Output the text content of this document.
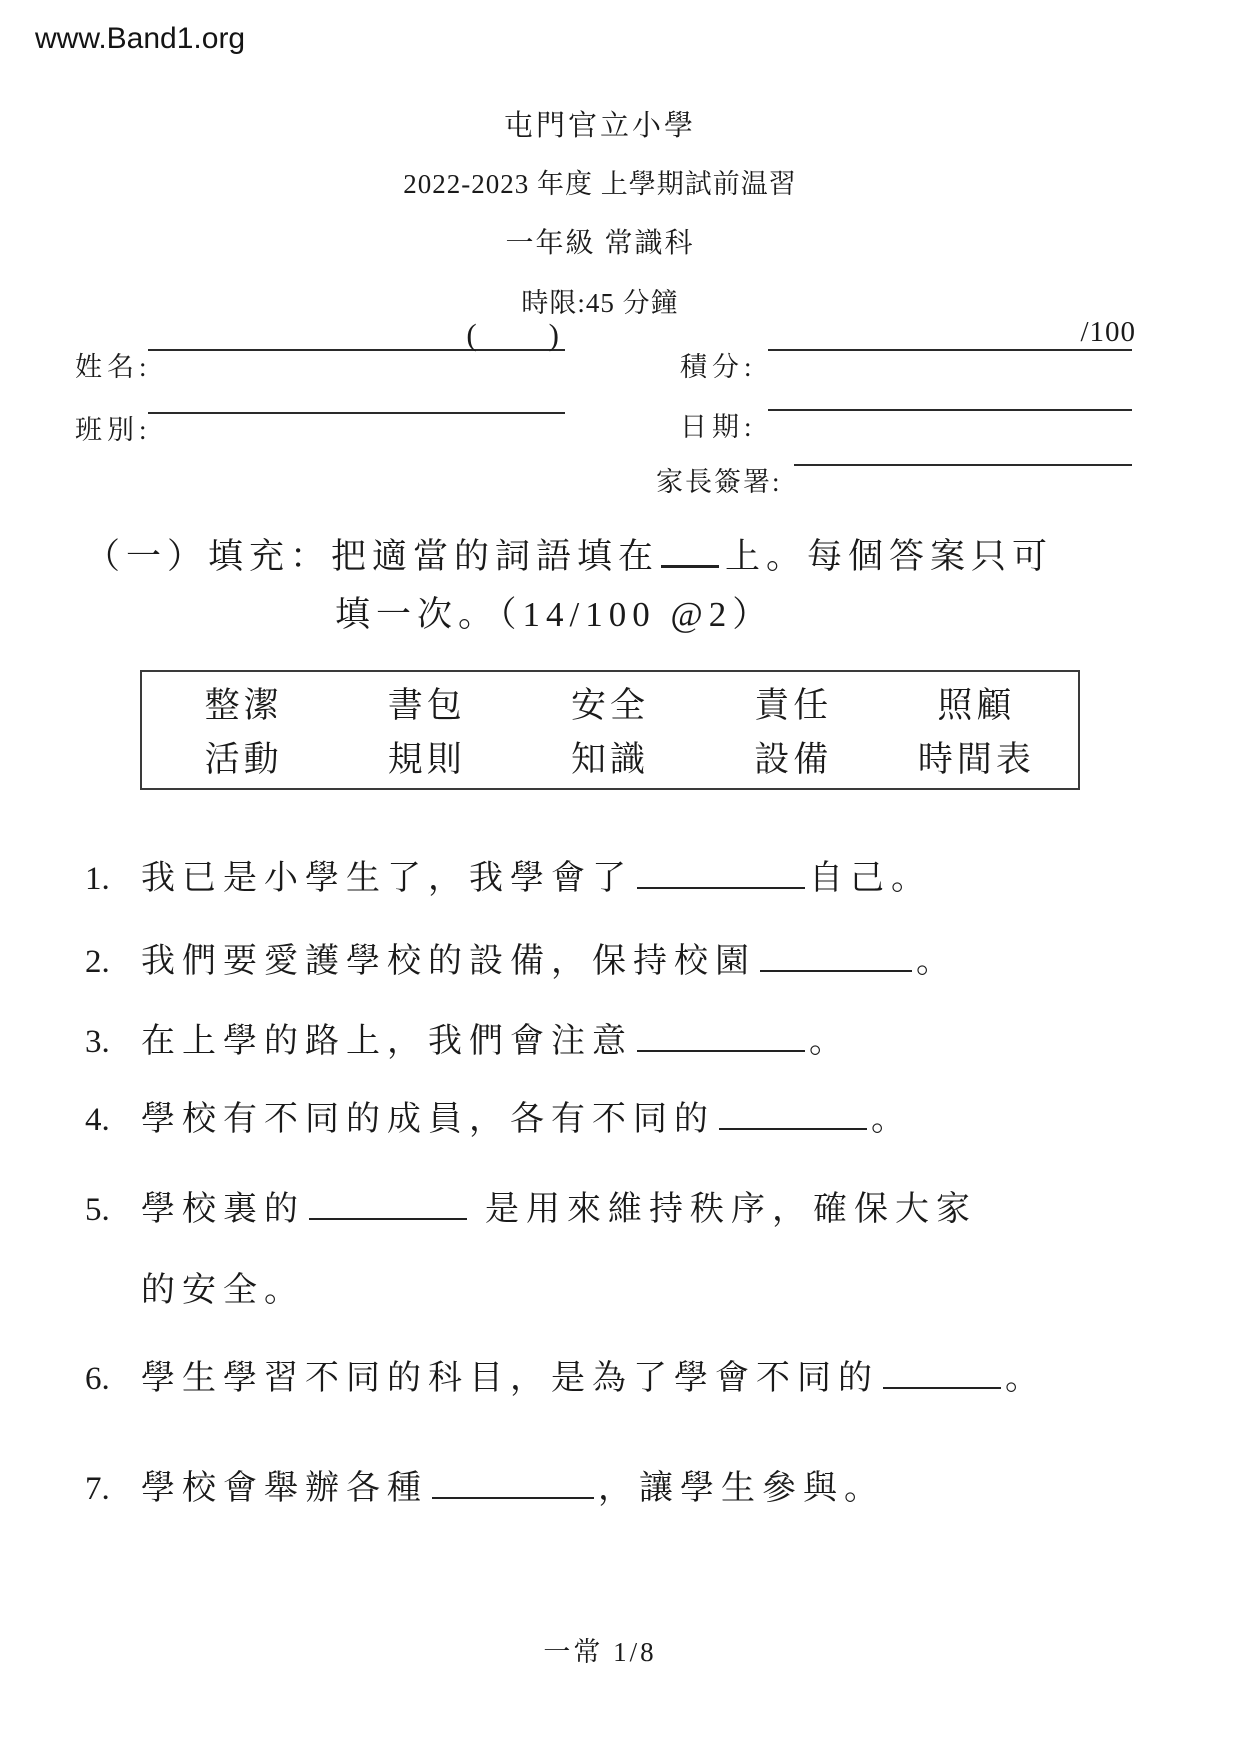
www.Band1.org
屯門官立小學
2022-2023 年度 上學期試前温習
一年級 常識科
時限:45 分鐘
姓名:
( )
積分:
/100
班別:	日期:
家長簽署:
（一）填充：把適當的詞語填在 上。每個答案只可
填一次。（14/100 @2）
整潔	書包	安全	責任	照顧
活動	規則	知識	設備	時間表
1. 我已是小學生了，我學會了	自己。
2. 我們要愛護學校的設備，保持校園	。
3. 在上學的路上，我們會注意	。
4. 學校有不同的成員，各有不同的	。
5. 學校裏的	是用來維持秩序，確保大家
的安全。
6. 學生學習不同的科目，是為了學會不同的	。
7. 學校會舉辦各種	，讓學生參與。
一常 1/8
